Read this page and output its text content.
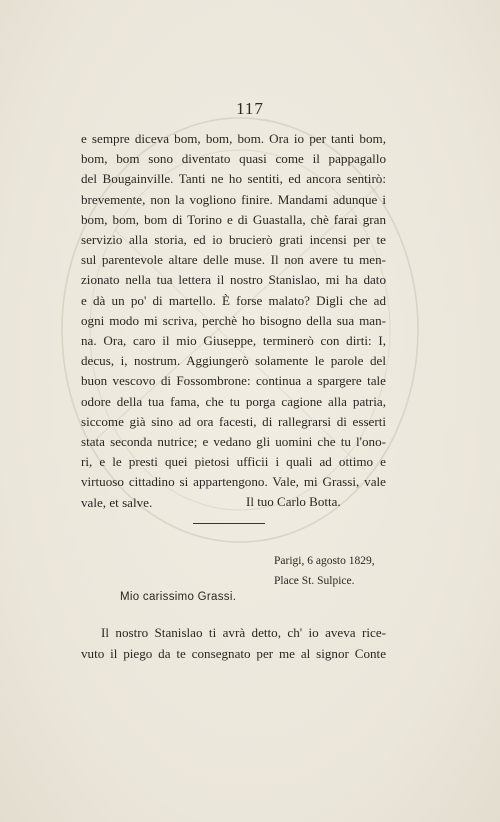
117
e sempre diceva bom, bom, bom. Ora io per tanti bom,
bom, bom sono diventato quasi come il pappagallo
del Bougainville. Tanti ne ho sentiti, ed ancora sentirò:
brevemente, non la vogliono finire. Mandami adunque i
bom, bom, bom di Torino e di Guastalla, chè farai gran
servizio alla storia, ed io brucierò grati incensi per te
sul parentevole altare delle muse. Il non avere tu men-
zionato nella tua lettera il nostro Stanislao, mi ha dato
e dà un po' di martello. È forse malato? Digli che ad
ogni modo mi scriva, perchè ho bisogno della sua man-
na. Ora, caro il mio Giuseppe, terminerò con dirti: I,
decus, i, nostrum. Aggiungerò solamente le parole del
buon vescovo di Fossombrone: continua a spargere tale
odore della tua fama, che tu porga cagione alla patria,
siccome già sino ad ora facesti, di rallegrarsi di esserti
stata seconda nutrice; e vedano gli uomini che tu l'ono-
ri, e le presti quei pietosi ufficii i quali ad ottimo e
virtuoso cittadino si appartengono. Vale, mi Grassi, vale
vale, et salve.	Il tuo Carlo Botta.
Parigi, 6 agosto 1829,
Place St. Sulpice.
Mio carissimo Grassi.
Il nostro Stanislao ti avrà detto, ch' io aveva rice-
vuto il piego da te consegnato per me al signor Conte
